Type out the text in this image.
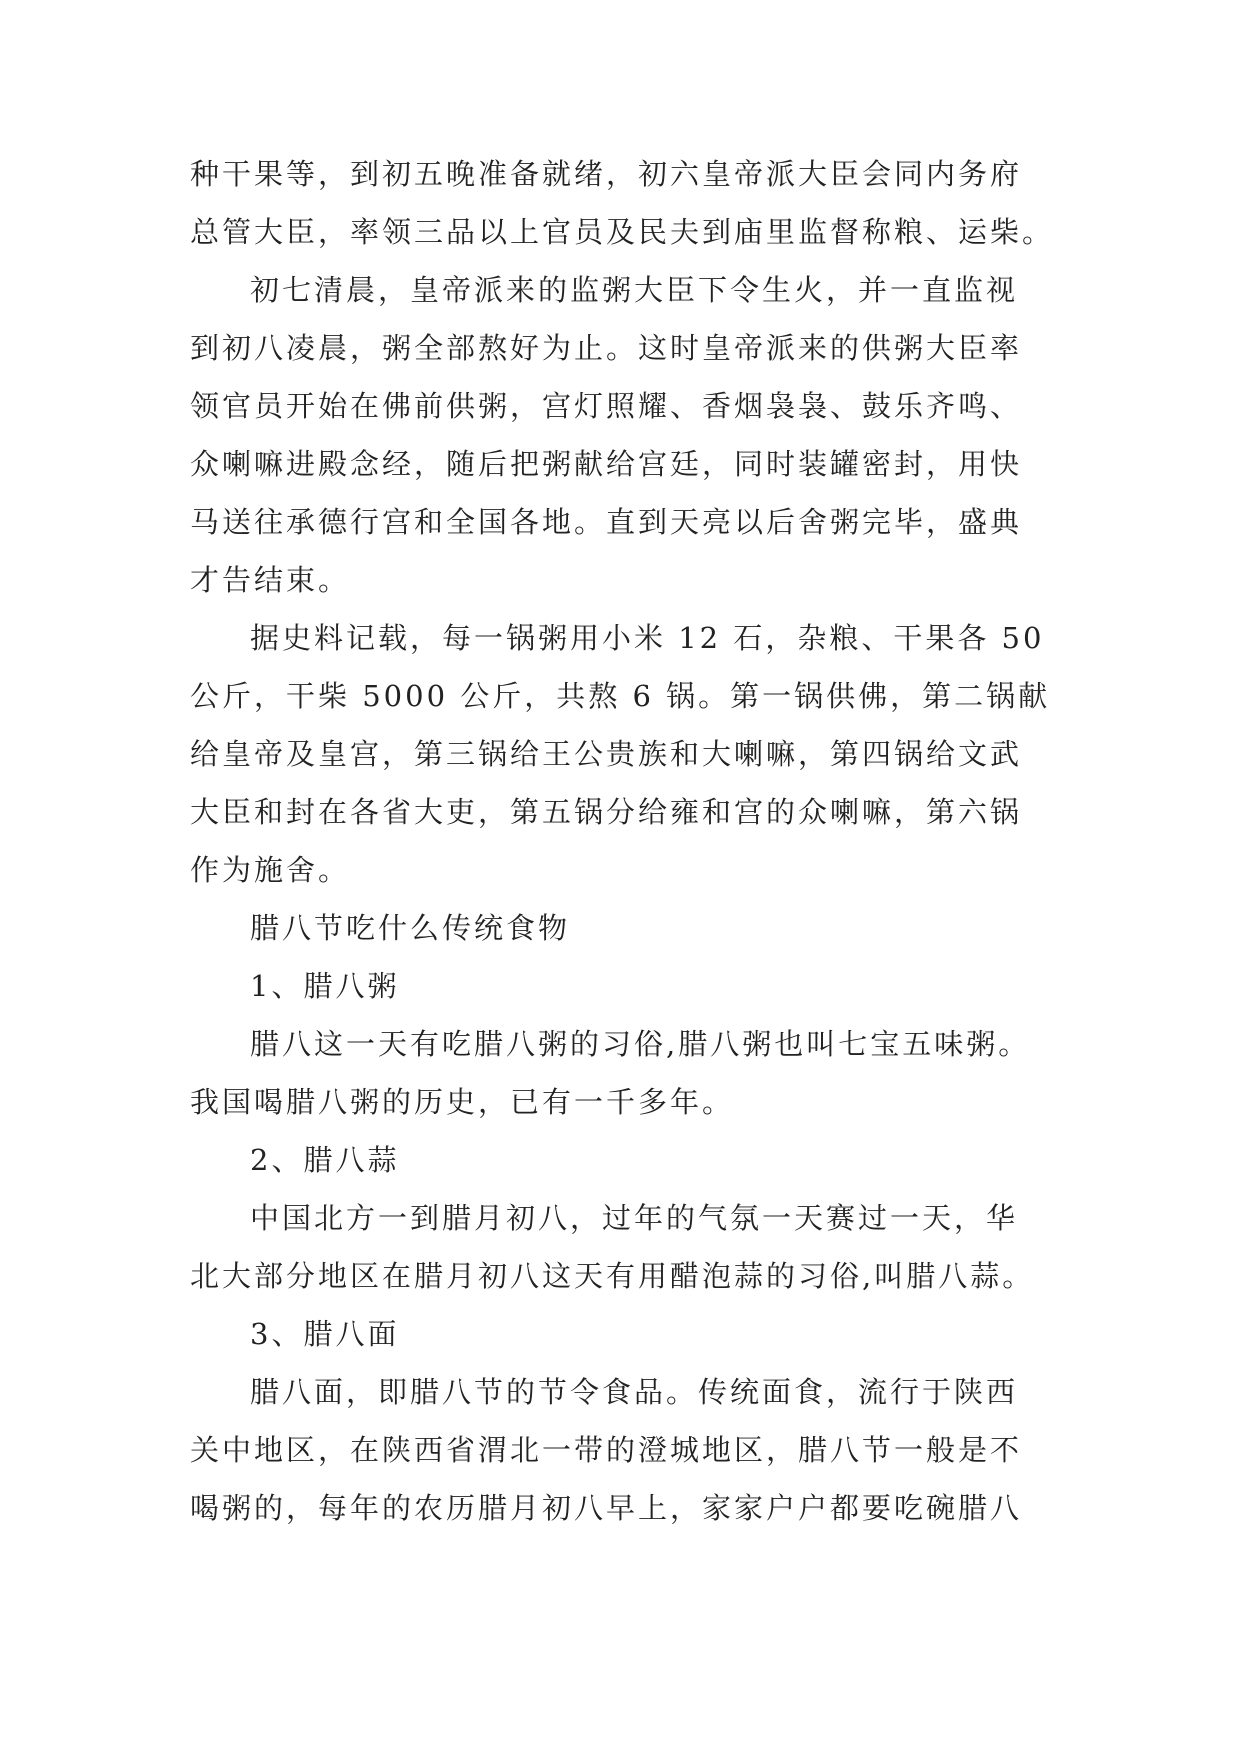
种干果等，到初五晚准备就绪，初六皇帝派大臣会同内务府
总管大臣，率领三品以上官员及民夫到庙里监督称粮、运柴。
初七清晨，皇帝派来的监粥大臣下令生火，并一直监视
到初八凌晨，粥全部熬好为止。这时皇帝派来的供粥大臣率
领官员开始在佛前供粥，宫灯照耀、香烟袅袅、鼓乐齐鸣、
众喇嘛进殿念经，随后把粥献给宫廷，同时装罐密封，用快
马送往承德行宫和全国各地。直到天亮以后舍粥完毕，盛典
才告结束。
据史料记载，每一锅粥用小米 12 石，杂粮、干果各 50
公斤，干柴 5000 公斤，共熬 6 锅。第一锅供佛，第二锅献
给皇帝及皇宫，第三锅给王公贵族和大喇嘛，第四锅给文武
大臣和封在各省大吏，第五锅分给雍和宫的众喇嘛，第六锅
作为施舍。
腊八节吃什么传统食物
1、腊八粥
腊八这一天有吃腊八粥的习俗,腊八粥也叫七宝五味粥。
我国喝腊八粥的历史，已有一千多年。
2、腊八蒜
中国北方一到腊月初八，过年的气氛一天赛过一天，华
北大部分地区在腊月初八这天有用醋泡蒜的习俗,叫腊八蒜。
3、腊八面
腊八面，即腊八节的节令食品。传统面食，流行于陕西
关中地区，在陕西省渭北一带的澄城地区，腊八节一般是不
喝粥的，每年的农历腊月初八早上，家家户户都要吃碗腊八
